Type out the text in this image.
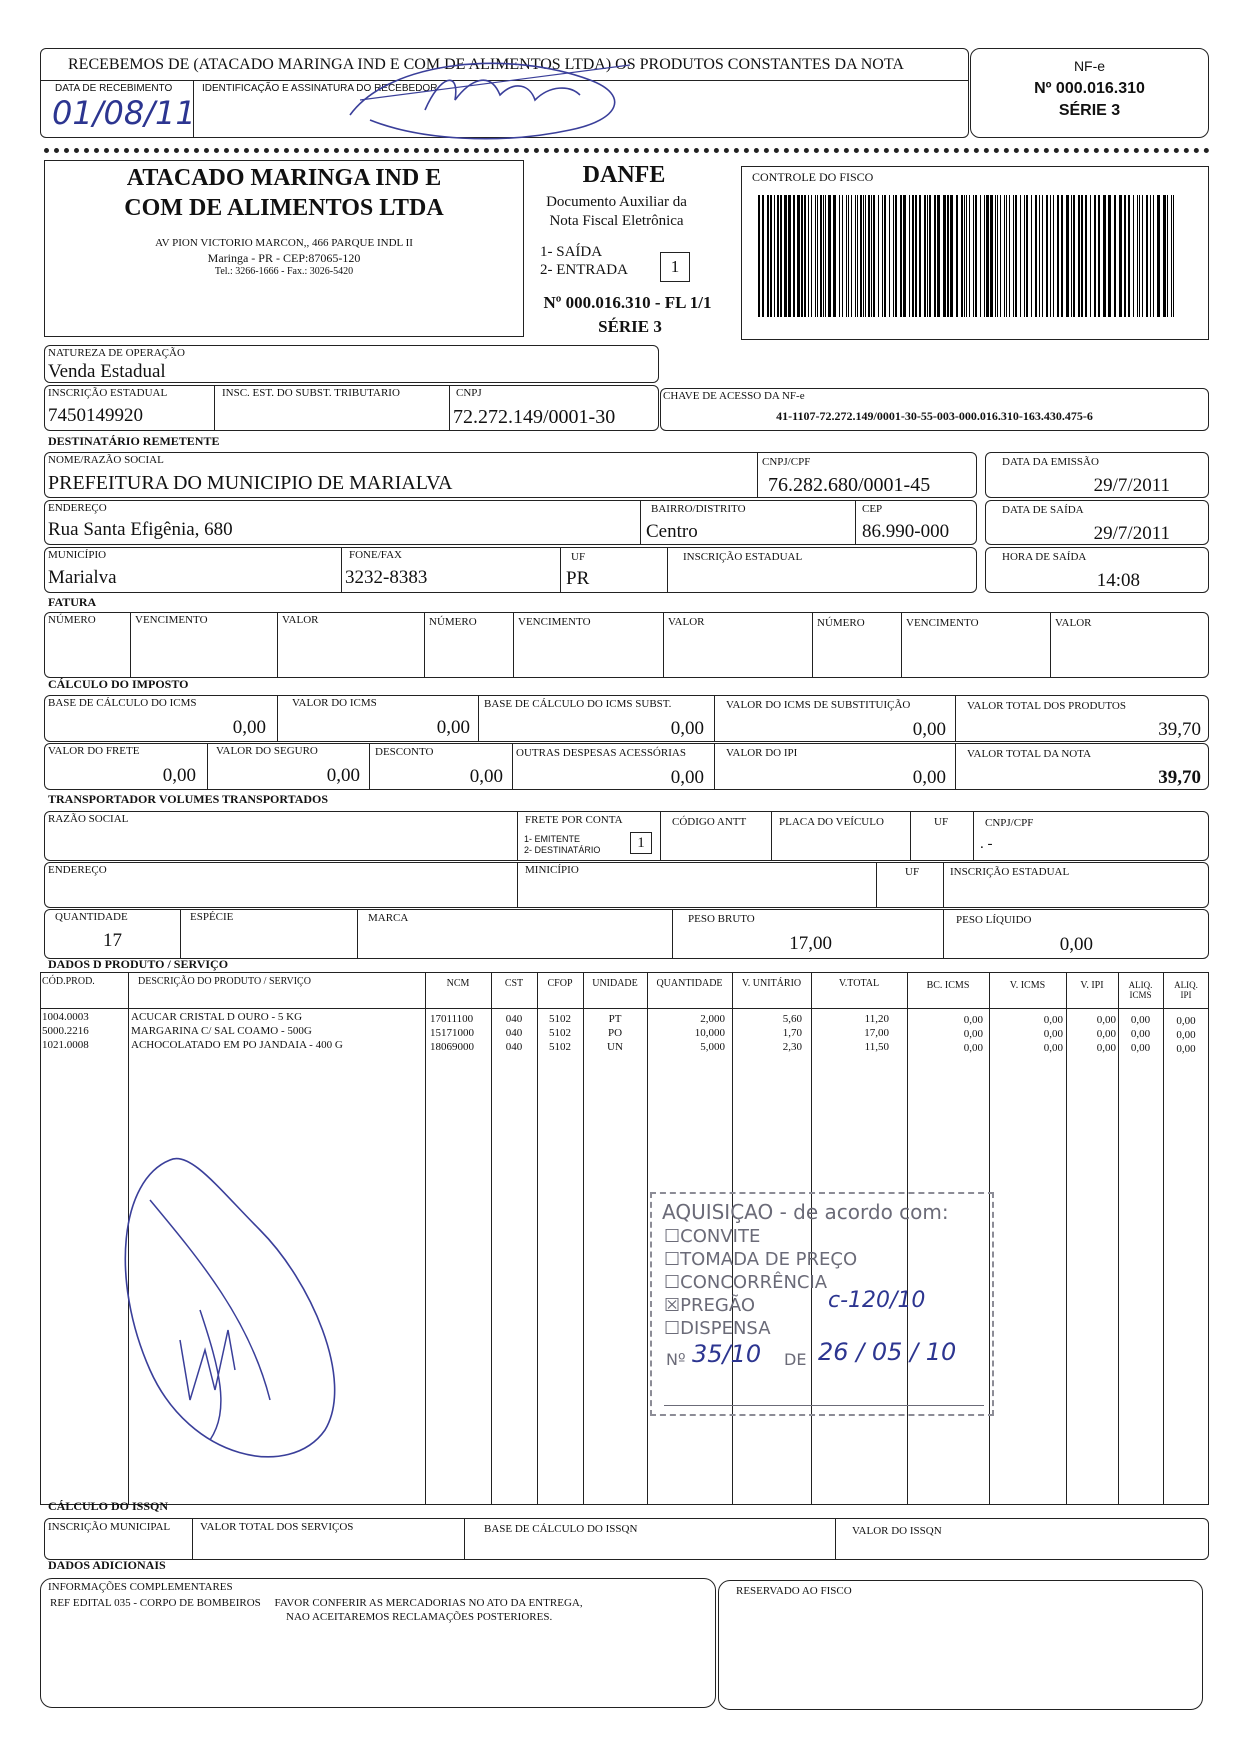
RECEBEMOS DE (ATACADO MARINGA IND E COM DE ALIMENTOS LTDA) OS PRODUTOS CONSTANTES DA NOTA
DATA DE RECEBIMENTO
01/08/11
IDENTIFICAÇÃO E ASSINATURA DO RECEBEDOR
NF-e
Nº 000.016.310
SÉRIE 3
ATACADO MARINGA IND E
COM DE ALIMENTOS LTDA
AV PION VICTORIO MARCON,, 466 PARQUE INDL II
Maringa - PR - CEP:87065-120
Tel.: 3266-1666 - Fax.: 3026-5420
DANFE
Documento Auxiliar da
Nota Fiscal Eletrônica
1- SAÍDA
2- ENTRADA	1
Nº 000.016.310 - FL 1/1
SÉRIE 3
CONTROLE DO FISCO
NATUREZA DE OPERAÇÃO
Venda Estadual
INSCRIÇÃO ESTADUAL
7450149920
INSC. EST. DO SUBST. TRIBUTARIO	CNPJ
72.272.149/0001-30
CHAVE DE ACESSO DA NF-e
41-1107-72.272.149/0001-30-55-003-000.016.310-163.430.475-6
DESTINATÁRIO REMETENTE
NOME/RAZÃO SOCIAL
PREFEITURA DO MUNICIPIO DE MARIALVA
CNPJ/CPF
76.282.680/0001-45
DATA DA EMISSÃO
29/7/2011
ENDEREÇO
Rua Santa Efigênia, 680
BAIRRO/DISTRITO
Centro
CEP
86.990-000
DATA DE SAÍDA
29/7/2011
MUNICÍPIO
Marialva
FONE/FAX
3232-8383
UF
PR
INSCRIÇÃO ESTADUAL	HORA DE SAÍDA
14:08
FATURA
NÚMERO	VENCIMENTO	VALOR	NÚMERO	VENCIMENTO	VALOR	NÚMERO	VENCIMENTO	VALOR
CÁLCULO DO IMPOSTO
BASE DE CÁLCULO DO ICMS
0,00
VALOR DO ICMS
0,00
BASE DE CÁLCULO DO ICMS SUBST.
0,00
VALOR DO ICMS DE SUBSTITUIÇÃO
0,00
VALOR TOTAL DOS PRODUTOS
39,70
VALOR DO FRETE
0,00
VALOR DO SEGURO
0,00
DESCONTO
0,00
OUTRAS DESPESAS ACESSÓRIAS
0,00
VALOR DO IPI
0,00
VALOR TOTAL DA NOTA
39,70
TRANSPORTADOR VOLUMES TRANSPORTADOS
RAZÃO SOCIAL	FRETE POR CONTA
1- EMITENTE
2- DESTINATÁRIO	1
CÓDIGO ANTT	PLACA DO VEÍCULO	UF	CNPJ/CPF
. -
ENDEREÇO	MINICÍPIO	UF	INSCRIÇÃO ESTADUAL
QUANTIDADE
17
ESPÉCIE	MARCA	PESO BRUTO
17,00
PESO LÍQUIDO
0,00
DADOS D PRODUTO / SERVIÇO
CÓD.PROD.	DESCRIÇÃO DO PRODUTO / SERVIÇO	NCM	CST	CFOP	UNIDADE	QUANTIDADE	V. UNITÁRIO	V.TOTAL	BC. ICMS	V. ICMS	V. IPI	ALIQ.
ICMS
ALIQ.
IPI
1004.0003	ACUCAR CRISTAL D OURO - 5 KG	17011100	040	5102	PT	2,000	5,60	11,20	0,00	0,00	0,00	0,00	0,00
5000.2216	MARGARINA C/ SAL COAMO - 500G	15171000	040	5102	PO	10,000	1,70	17,00	0,00	0,00	0,00	0,00	0,00
1021.0008	ACHOCOLATADO EM PO JANDAIA - 400 G	18069000	040	5102	UN	5,000	2,30	11,50	0,00	0,00	0,00	0,00	0,00
AQUISIÇAO - de acordo com:
☐CONVITE
☐TOMADA DE PREÇO
☐CONCORRÊNCIA
☒PREGÃO	c-120/10
☐DISPENSA
Nº 35/10 DE 26 / 05 / 10
CÁLCULO DO ISSQN
INSCRIÇÃO MUNICIPAL	VALOR TOTAL DOS SERVIÇOS	BASE DE CÁLCULO DO ISSQN	VALOR DO ISSQN
DADOS ADICIONAIS
INFORMAÇÕES COMPLEMENTARES
REF EDITAL 035 - CORPO DE BOMBEIROS     FAVOR CONFERIR AS MERCADORIAS NO ATO DA ENTREGA,
NAO ACEITAREMOS RECLAMAÇÕES POSTERIORES.
RESERVADO AO FISCO
